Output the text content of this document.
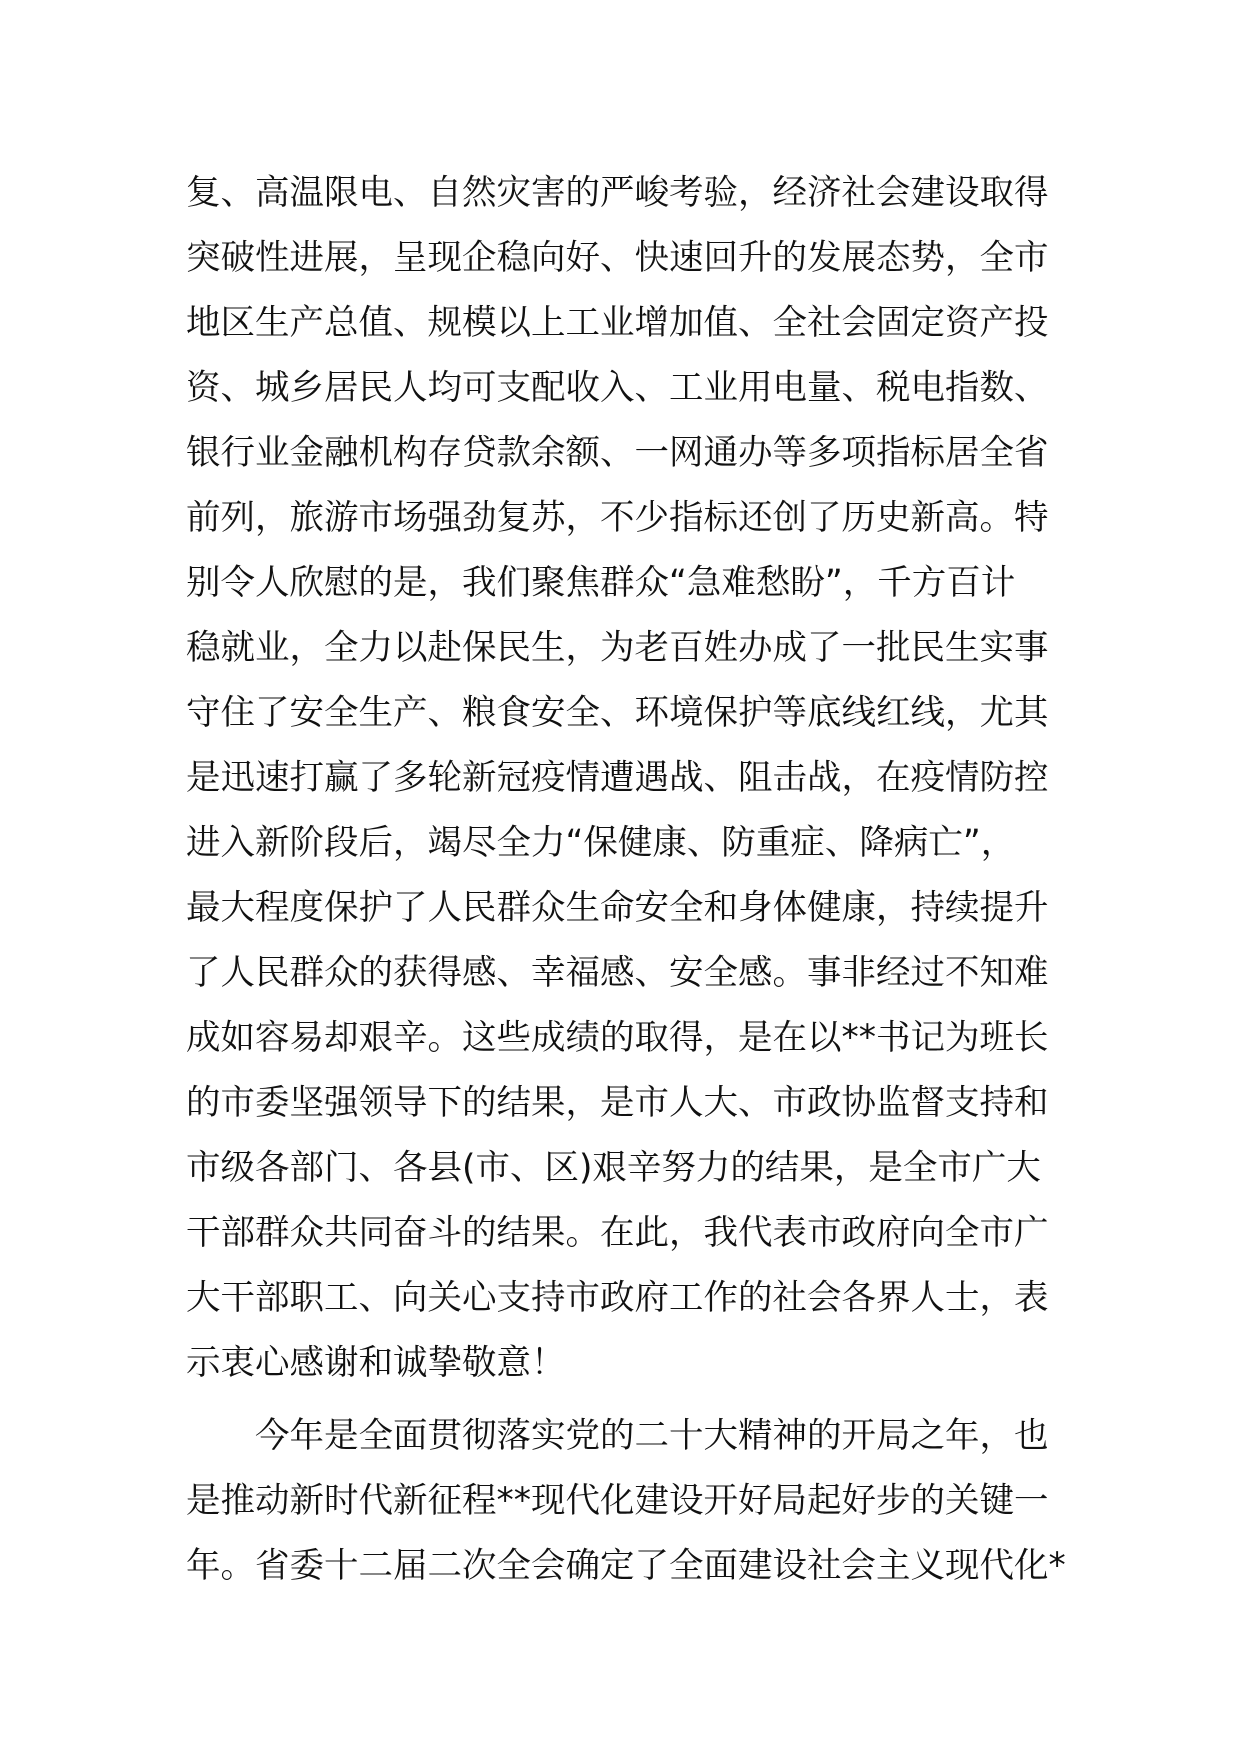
复、高温限电、自然灾害的严峻考验，经济社会建设取得
突破性进展，呈现企稳向好、快速回升的发展态势，全市
地区生产总值、规模以上工业增加值、全社会固定资产投
资、城乡居民人均可支配收入、工业用电量、税电指数、
银行业金融机构存贷款余额、一网通办等多项指标居全省
前列，旅游市场强劲复苏，不少指标还创了历史新高。特
别令人欣慰的是，我们聚焦群众“急难愁盼”，千方百计
稳就业，全力以赴保民生，为老百姓办成了一批民生实事
守住了安全生产、粮食安全、环境保护等底线红线，尤其
是迅速打赢了多轮新冠疫情遭遇战、阻击战，在疫情防控
进入新阶段后，竭尽全力“保健康、防重症、降病亡”，
最大程度保护了人民群众生命安全和身体健康，持续提升
了人民群众的获得感、幸福感、安全感。事非经过不知难
成如容易却艰辛。这些成绩的取得，是在以**书记为班长
的市委坚强领导下的结果，是市人大、市政协监督支持和
市级各部门、各县(市、区)艰辛努力的结果，是全市广大
干部群众共同奋斗的结果。在此，我代表市政府向全市广
大干部职工、向关心支持市政府工作的社会各界人士，表
示衷心感谢和诚挚敬意！
　　今年是全面贯彻落实党的二十大精神的开局之年，也
是推动新时代新征程**现代化建设开好局起好步的关键一
年。省委十二届二次全会确定了全面建设社会主义现代化*
